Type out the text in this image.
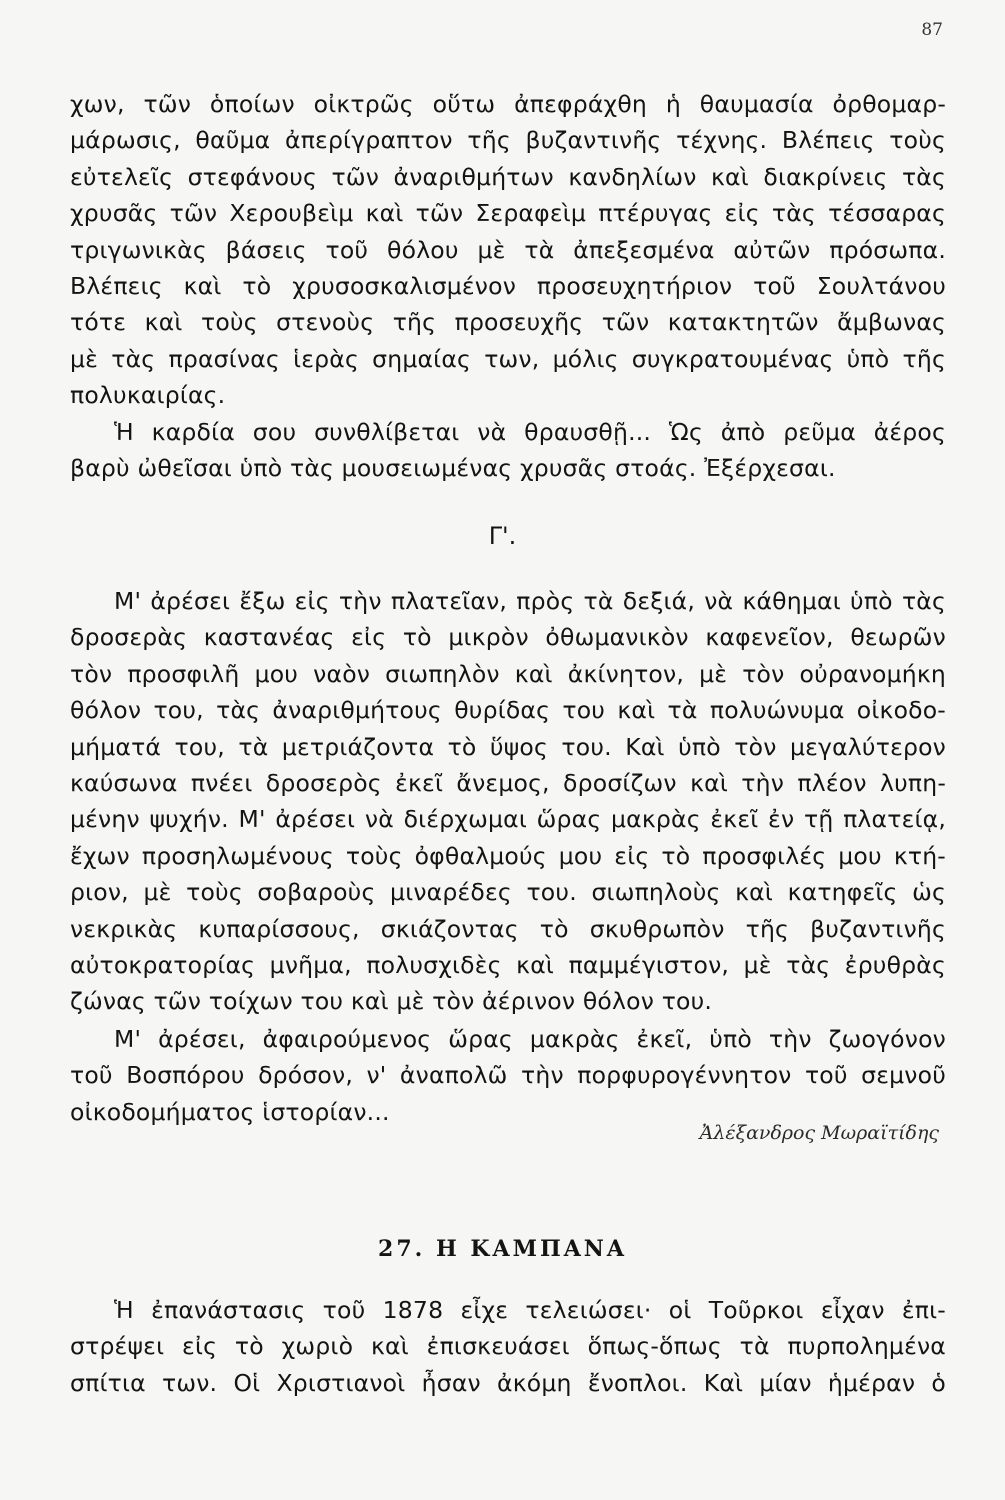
87
χων, τῶν ὁποίων οἰκτρῶς οὕτω ἀπεφράχθη ἡ θαυμασία ὀρθομαρ-
μάρωσις, θαῦμα ἀπερίγραπτον τῆς βυζαντινῆς τέχνης. Βλέπεις τοὺς
εὐτελεῖς στεφάνους τῶν ἀναριθμήτων κανδηλίων καὶ διακρίνεις τὰς
χρυσᾶς τῶν Χερουβεὶμ καὶ τῶν Σεραφεὶμ πτέρυγας εἰς τὰς τέσσαρας
τριγωνικὰς βάσεις τοῦ θόλου μὲ τὰ ἀπεξεσμένα αὐτῶν πρόσωπα.
Βλέπεις καὶ τὸ χρυσοσκαλισμένον προσευχητήριον τοῦ Σουλτάνου
τότε καὶ τοὺς στενοὺς τῆς προσευχῆς τῶν κατακτητῶν ἄμβωνας
μὲ τὰς πρασίνας ἱερὰς σημαίας των, μόλις συγκρατουμένας ὑπὸ τῆς
πολυκαιρίας.
Ἡ καρδία σου συνθλίβεται νὰ θραυσθῇ... Ὡς ἀπὸ ρεῦμα ἀέρος
βαρὺ ὠθεῖσαι ὑπὸ τὰς μουσειωμένας χρυσᾶς στοάς. Ἐξέρχεσαι.
Γ'.
Μ' ἀρέσει ἔξω εἰς τὴν πλατεῖαν, πρὸς τὰ δεξιά, νὰ κάθημαι ὑπὸ τὰς
δροσερὰς καστανέας εἰς τὸ μικρὸν ὀθωμανικὸν καφενεῖον, θεωρῶν
τὸν προσφιλῆ μου ναὸν σιωπηλὸν καὶ ἀκίνητον, μὲ τὸν οὐρανομήκη
θόλον του, τὰς ἀναριθμήτους θυρίδας του καὶ τὰ πολυώνυμα οἰκοδο-
μήματά του, τὰ μετριάζοντα τὸ ὕψος του. Καὶ ὑπὸ τὸν μεγαλύτερον
καύσωνα πνέει δροσερὸς ἐκεῖ ἄνεμος, δροσίζων καὶ τὴν πλέον λυπη-
μένην ψυχήν. Μ' ἀρέσει νὰ διέρχωμαι ὥρας μακρὰς ἐκεῖ ἐν τῇ πλατείᾳ,
ἔχων προσηλωμένους τοὺς ὀφθαλμούς μου εἰς τὸ προσφιλές μου κτή-
ριον, μὲ τοὺς σοβαροὺς μιναρέδες του. σιωπηλοὺς καὶ κατηφεῖς ὡς
νεκρικὰς κυπαρίσσους, σκιάζοντας τὸ σκυθρωπὸν τῆς βυζαντινῆς
αὐτοκρατορίας μνῆμα, πολυσχιδὲς καὶ παμμέγιστον, μὲ τὰς ἐρυθρὰς
ζώνας τῶν τοίχων του καὶ μὲ τὸν ἀέρινον θόλον του.
Μ' ἀρέσει, ἀφαιρούμενος ὥρας μακρὰς ἐκεῖ, ὑπὸ τὴν ζωογόνον
τοῦ Βοσπόρου δρόσον, ν' ἀναπολῶ τὴν πορφυρογέννητον τοῦ σεμνοῦ
οἰκοδομήματος ἱστορίαν...
Ἀλέξανδρος Μωραϊτίδης
27. Η ΚΑΜΠΑΝΑ
Ἡ ἐπανάστασις τοῦ 1878 εἶχε τελειώσει· οἱ Τοῦρκοι εἶχαν ἐπι-
στρέψει εἰς τὸ χωριὸ καὶ ἐπισκευάσει ὅπως-ὅπως τὰ πυρπολημένα
σπίτια των. Οἱ Χριστιανοὶ ἦσαν ἀκόμη ἔνοπλοι. Καὶ μίαν ἡμέραν ὁ
